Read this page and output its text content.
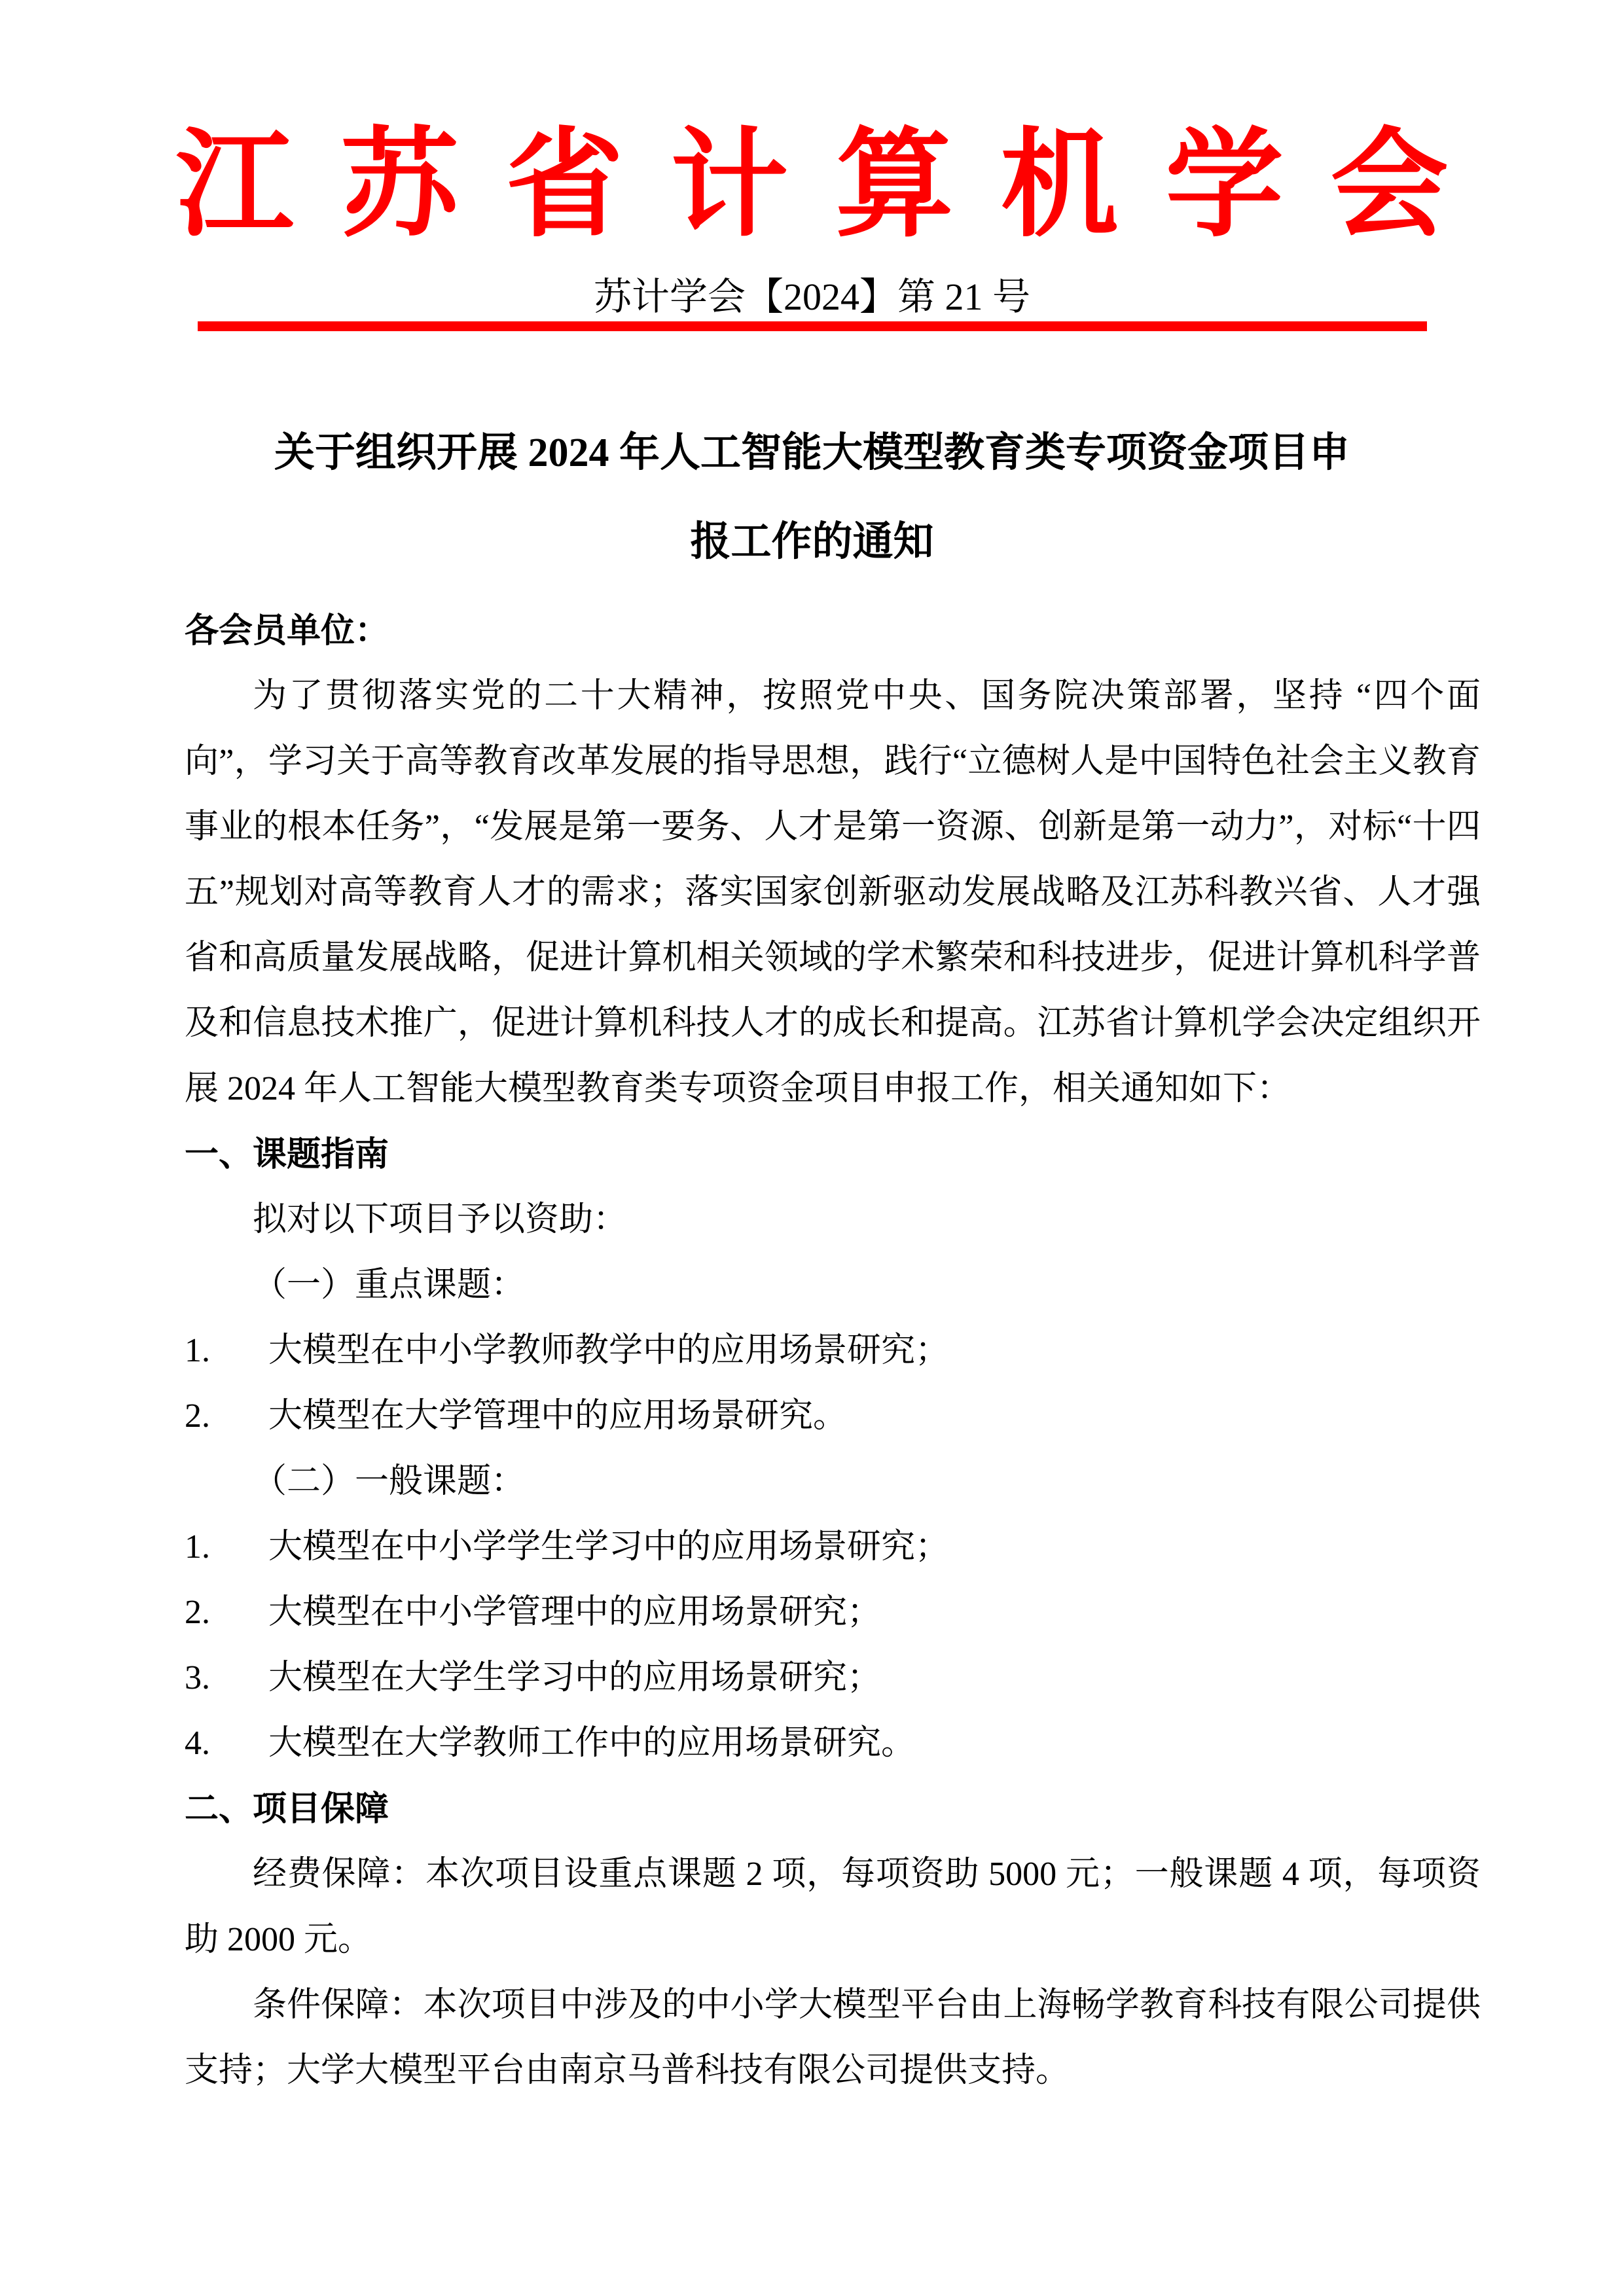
江苏省计算机学会
苏计学会【2024】第 21 号
关于组织开展 2024 年人工智能大模型教育类专项资金项目申
报工作的通知

各会员单位：

为了贯彻落实党的二十大精神，按照党中央、国务院决策部署，坚持 “四个面向”，学习关于高等教育改革发展的指导思想，践行“立德树人是中国特色社会主义教育事业的根本任务”，“发展是第一要务、人才是第一资源、创新是第一动力”，对标“十四五”规划对高等教育人才的需求；落实国家创新驱动发展战略及江苏科教兴省、人才强省和高质量发展战略，促进计算机相关领域的学术繁荣和科技进步，促进计算机科学普及和信息技术推广，促进计算机科技人才的成长和提高。江苏省计算机学会决定组织开展 2024 年人工智能大模型教育类专项资金项目申报工作，相关通知如下：

一、课题指南

拟对以下项目予以资助：

（一）重点课题：

1. 大模型在中小学教师教学中的应用场景研究；
2. 大模型在大学管理中的应用场景研究。

（二）一般课题：

1. 大模型在中小学学生学习中的应用场景研究；
2. 大模型在中小学管理中的应用场景研究；
3. 大模型在大学生学习中的应用场景研究；
4. 大模型在大学教师工作中的应用场景研究。
二、项目保障

经费保障：本次项目设重点课题 2 项，每项资助 5000 元；一般课题 4 项，每项资助 2000 元。

条件保障：本次项目中涉及的中小学大模型平台由上海畅学教育科技有限公司提供支持；大学大模型平台由南京马普科技有限公司提供支持。
